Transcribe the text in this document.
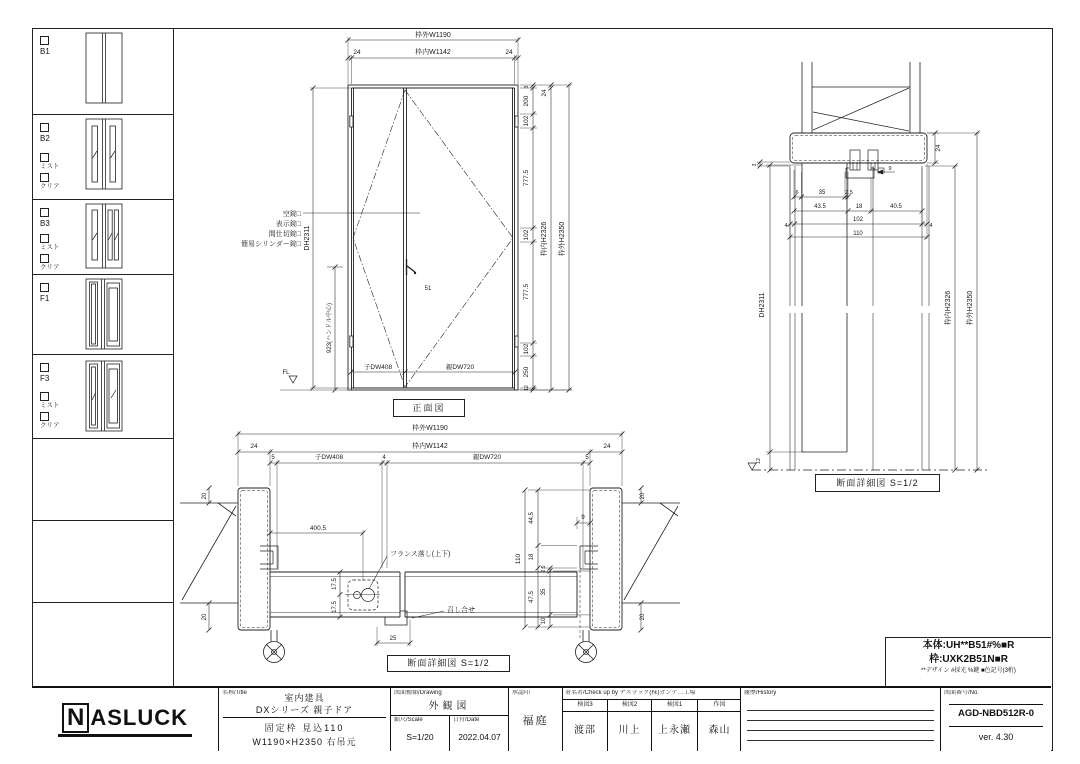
枠外W1190
24	枠内W1142	24
3
200
102
777.5
102
777.5
102
250
12
24
枠内H2326 枠外H2350
DH2311
923(ハンドル中心)
空錠□
表示錠□
間仕切錠□
簡易シリンダー錠□
51
子DW408	親DW720
FL
枠外W1190
24	枠内W1142	24
5	子DW408	4	親DW720	5
20
20
20
20
400.5
17.5
17.5
フランス落し(上下)
召し合せ
25
110
44.5
18
47.5
2.5
35
10
9
24
3
6	35	2.5
43.5	18	40.5
102
4	4
110
9
DH2311
12
枠内H2326 枠外H2350
B1
B2
ミスト
クリア
B3
ミスト
クリア
F1
F3
ミスト
クリア
正面図
断面詳細図 S=1/2
断面詳細図 S=1/2
本体:UH**B51#%■R
枠:UXK2B51N■R
**デザイン #採光 %鍵 ■色記号(3桁)
N ASLUCK
名称/Title	室内建具
DXシリーズ 親子ドア
固定枠 見込110
W1190×H2350 右吊元
図面種類/Drawing
外観図
縮尺/Scale
S=1/20
日付/Date
2022.04.07
承認印
福庭
署名者/Check up by ナスラック(株)ガンテ二工場
検図3
渡部
検図2
川上
検図1
上永瀬
作図
森山
履歴/History	図面番号/No.
AGD-NBD512R-0
ver. 4.30
